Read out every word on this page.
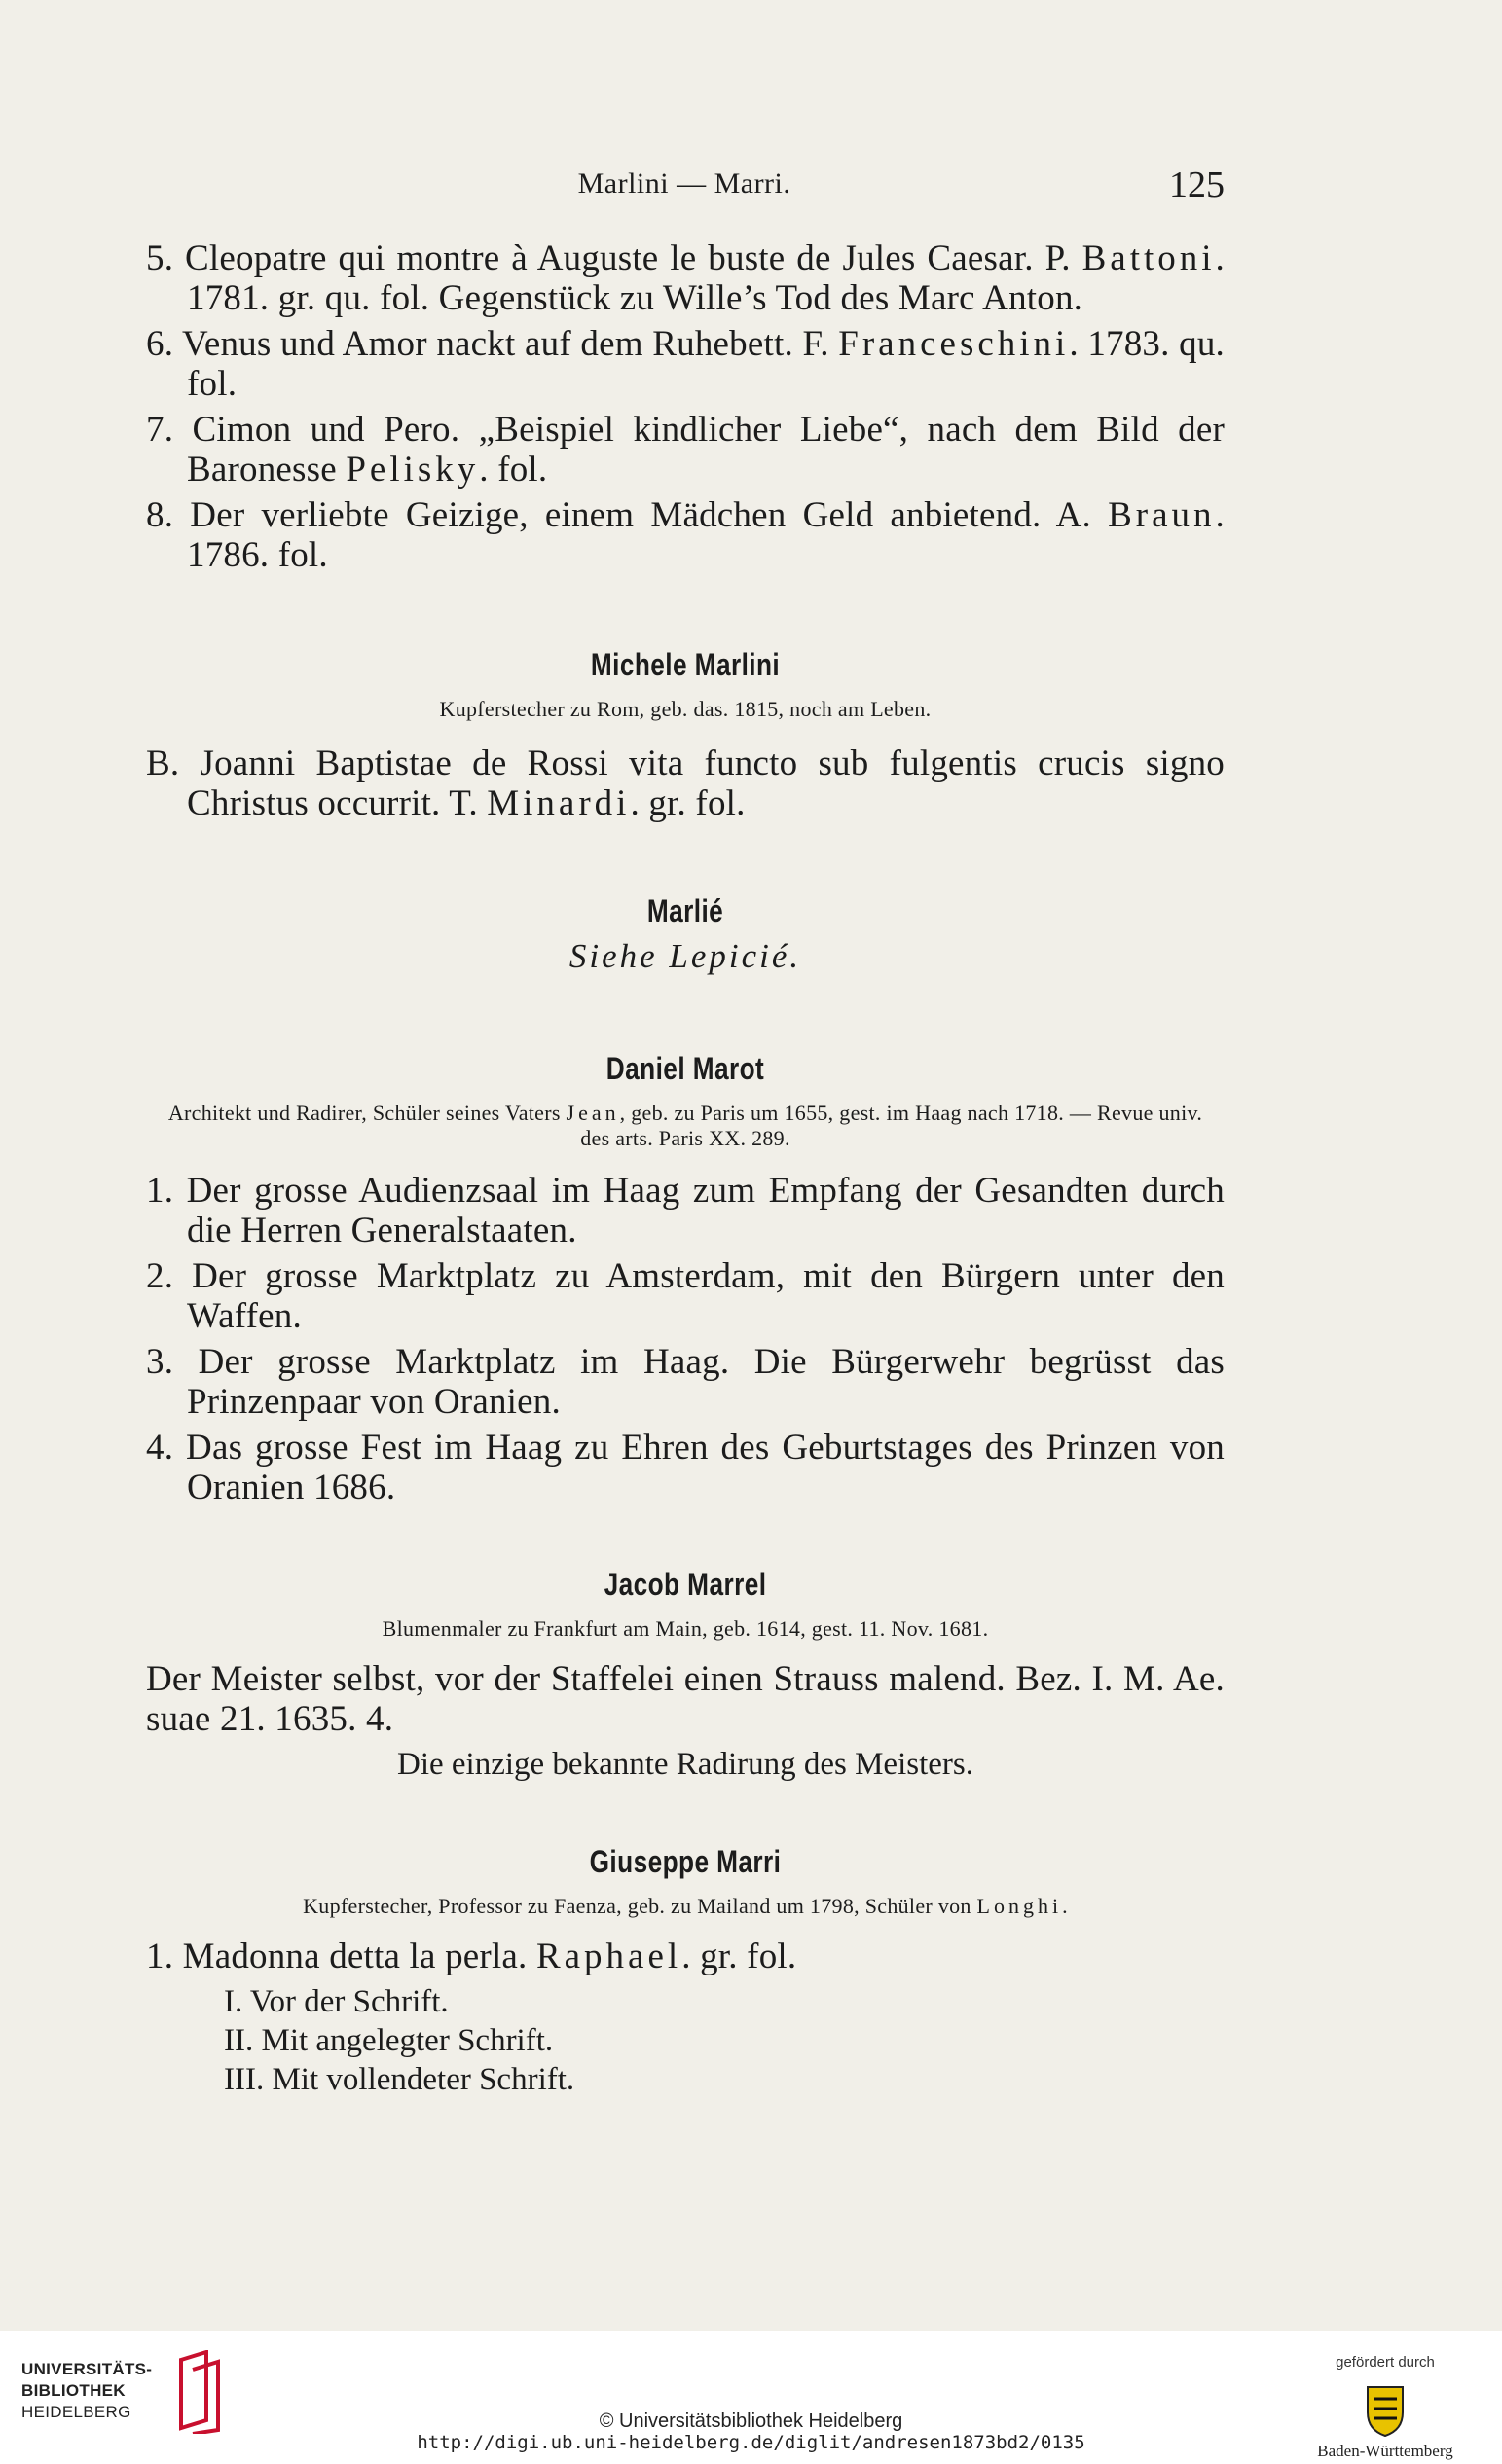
Marlini — Marri.	125

5. Cleopatre qui montre à Auguste le buste de Jules Caesar. P. Battoni. 1781. gr. qu. fol. Gegenstück zu Wille’s Tod des Marc Anton.

6. Venus und Amor nackt auf dem Ruhebett. F. Franceschini. 1783. qu. fol.

7. Cimon und Pero. „Beispiel kindlicher Liebe“, nach dem Bild der Baronesse Pelisky. fol.

8. Der verliebte Geizige, einem Mädchen Geld anbietend. A. Braun. 1786. fol.

Michele Marlini
Kupferstecher zu Rom, geb. das. 1815, noch am Leben.

B. Joanni Baptistae de Rossi vita functo sub fulgentis crucis signo Christus occurrit. T. Minardi. gr. fol.

Marlié
Siehe Lepicié.
Daniel Marot
Architekt und Radirer, Schüler seines Vaters Jean, geb. zu Paris um 1655, gest. im Haag nach 1718. — Revue univ. des arts. Paris XX. 289.

1. Der grosse Audienzsaal im Haag zum Empfang der Gesandten durch die Herren Generalstaaten.

2. Der grosse Marktplatz zu Amsterdam, mit den Bürgern unter den Waffen.

3. Der grosse Marktplatz im Haag. Die Bürgerwehr begrüsst das Prinzenpaar von Oranien.

4. Das grosse Fest im Haag zu Ehren des Geburtstages des Prinzen von Oranien 1686.

Jacob Marrel
Blumenmaler zu Frankfurt am Main, geb. 1614, gest. 11. Nov. 1681.

Der Meister selbst, vor der Staffelei einen Strauss malend. Bez. I. M. Ae. suae 21. 1635. 4.

Die einzige bekannte Radirung des Meisters.
Giuseppe Marri
Kupferstecher, Professor zu Faenza, geb. zu Mailand um 1798, Schüler von Longhi.

1. Madonna detta la perla. Raphael. gr. fol.

I. Vor der Schrift.
II. Mit angelegter Schrift.
III. Mit vollendeter Schrift.
UNIVERSITÄTS-
BIBLIOTHEK
HEIDELBERG	© Universitätsbibliothek Heidelberg
http://digi.ub.uni-heidelberg.de/diglit/andresen1873bd2/0135
gefördert durch
Baden-Württemberg
